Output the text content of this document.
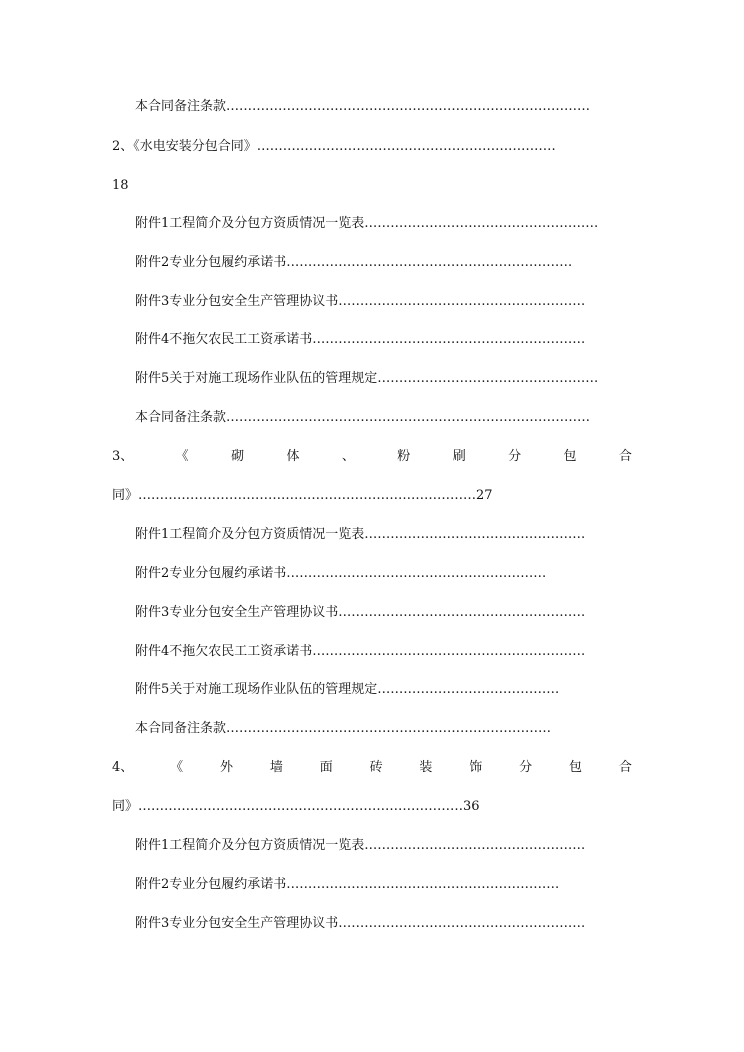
本合同备注条款…………………………………………………………………………
2、《水电安装分包合同》……………………………………………………………
18
附件1工程简介及分包方资质情况一览表………………………………………………
附件2专业分包履约承诺书…………………………………………………………
附件3专业分包安全生产管理协议书…………………………………………………
附件4不拖欠农民工工资承诺书………………………………………………………
附件5关于对施工现场作业队伍的管理规定……………………………………………
本合同备注条款…………………………………………………………………………
3、	《	砌	体	、	粉	刷	分	包	合
同》……………………………………………………………………27
附件1工程简介及分包方资质情况一览表……………………………………………
附件2专业分包履约承诺书……………………………………………………
附件3专业分包安全生产管理协议书…………………………………………………
附件4不拖欠农民工工资承诺书………………………………………………………
附件5关于对施工现场作业队伍的管理规定……………………………………
本合同备注条款…………………………………………………………………
4、	《	外	墙	面	砖	装	饰	分	包	合
同》…………………………………………………………………36
附件1工程简介及分包方资质情况一览表……………………………………………
附件2专业分包履约承诺书………………………………………………………
附件3专业分包安全生产管理协议书…………………………………………………
